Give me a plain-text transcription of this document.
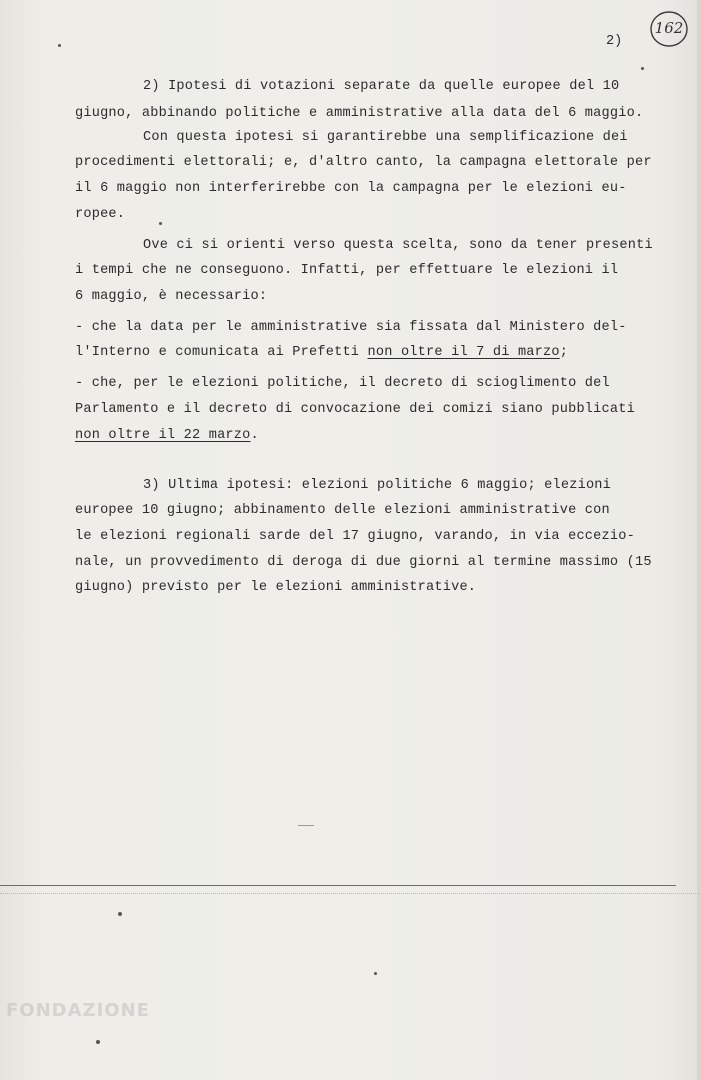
2)
162
2) Ipotesi di votazioni separate da quelle europee del 10
giugno, abbinando politiche e amministrative alla data del 6 maggio.
Con questa ipotesi si garantirebbe una semplificazione dei
procedimenti elettorali; e, d'altro canto, la campagna elettorale per
il 6 maggio non interferirebbe con la campagna per le elezioni eu-
ropee.
Ove ci si orienti verso questa scelta, sono da tener presenti
i tempi che ne conseguono. Infatti, per effettuare le elezioni il
6 maggio, è necessario:
- che la data per le amministrative sia fissata dal Ministero del-
l'Interno e comunicata ai Prefetti non oltre il 7 di marzo;
- che, per le elezioni politiche, il decreto di scioglimento del
Parlamento e il decreto di convocazione dei comizi siano pubblicati
non oltre il 22 marzo.
3) Ultima ipotesi: elezioni politiche 6 maggio; elezioni
europee 10 giugno; abbinamento delle elezioni amministrative con
le elezioni regionali sarde del 17 giugno, varando, in via eccezio-
nale, un provvedimento di deroga di due giorni al termine massimo (15
giugno) previsto per le elezioni amministrative.
FONDAZIONE
